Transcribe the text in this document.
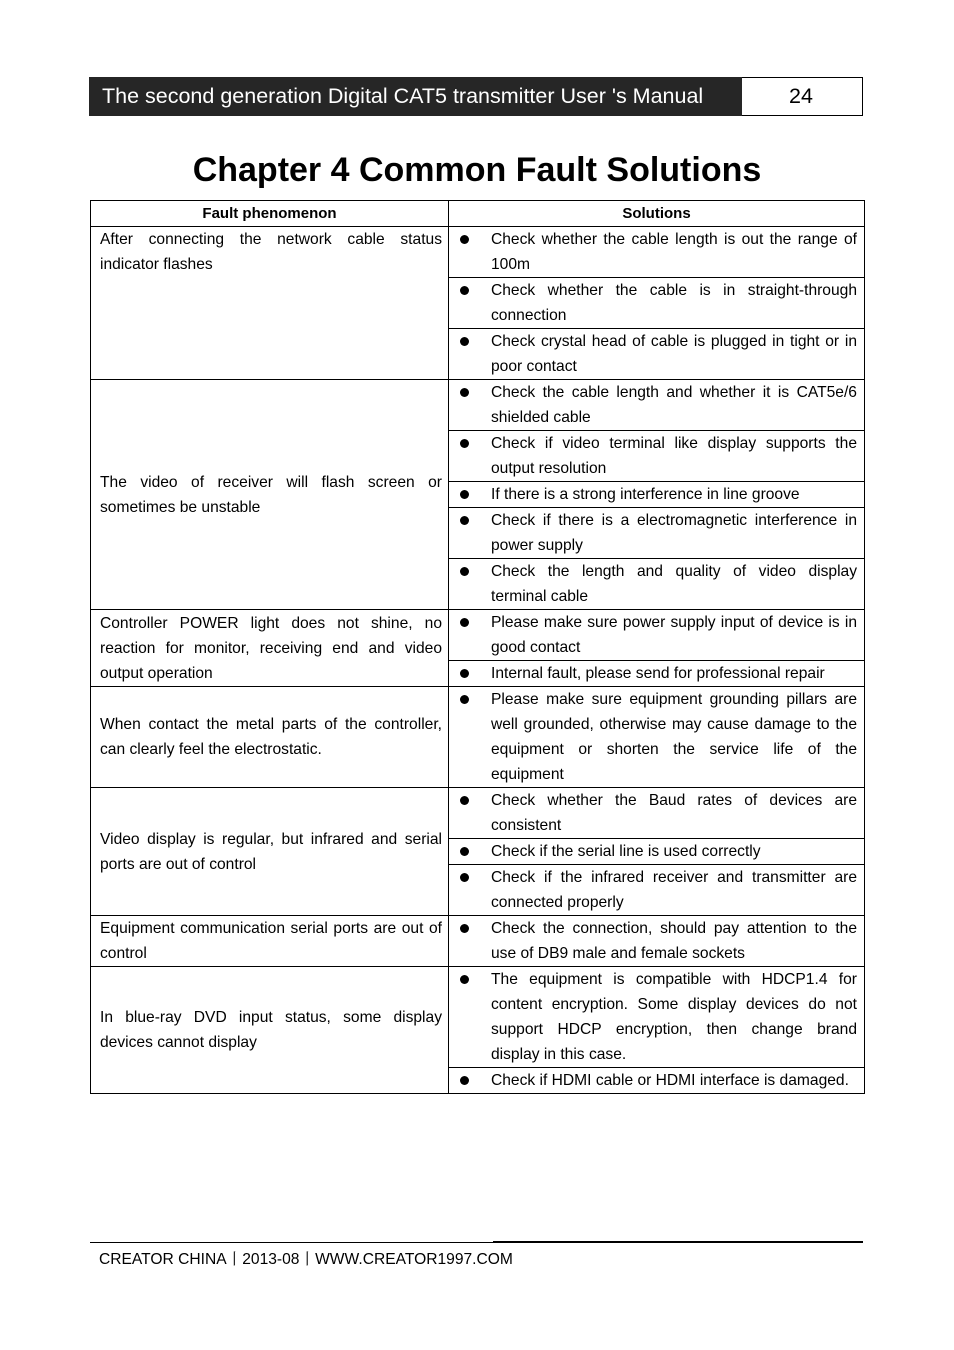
The second generation Digital CAT5 transmitter User 's Manual	24
Chapter 4 Common Fault Solutions
Fault phenomenon	Solutions
After connecting the network cable status indicator flashes	Check whether the cable length is out the range of 100m

	Check whether the cable is in straight-through connection

	Check crystal head of cable is plugged in tight or in poor contact

The video of receiver will flash screen or sometimes be unstable	Check the cable length and whether it is CAT5e/6 shielded cable

	Check if video terminal like display supports the output resolution

	If there is a strong interference in line groove

	Check if there is a electromagnetic interference in power supply

	Check the length and quality of video display terminal cable

Controller POWER light does not shine, no reaction for monitor, receiving end and video output operation	Please make sure power supply input of device is in good contact

	Internal fault, please send for professional repair

When contact the metal parts of the controller, can clearly feel the electrostatic.	Please make sure equipment grounding pillars are well grounded, otherwise may cause damage to the equipment or shorten the service life of the equipment

Video display is regular, but infrared and serial ports are out of control	Check whether the Baud rates of devices are consistent

	Check if the serial line is used correctly

	Check if the infrared receiver and transmitter are connected properly

Equipment communication serial ports are out of control	Check the connection, should pay attention to the use of DB9 male and female sockets

In blue-ray DVD input status, some display devices cannot display	The equipment is compatible with HDCP1.4 for content encryption. Some display devices do not support HDCP encryption, then change brand display in this case.

	Check if HDMI cable or HDMI interface is damaged.
CREATOR CHINA丨2013-08丨WWW.CREATOR1997.COM
